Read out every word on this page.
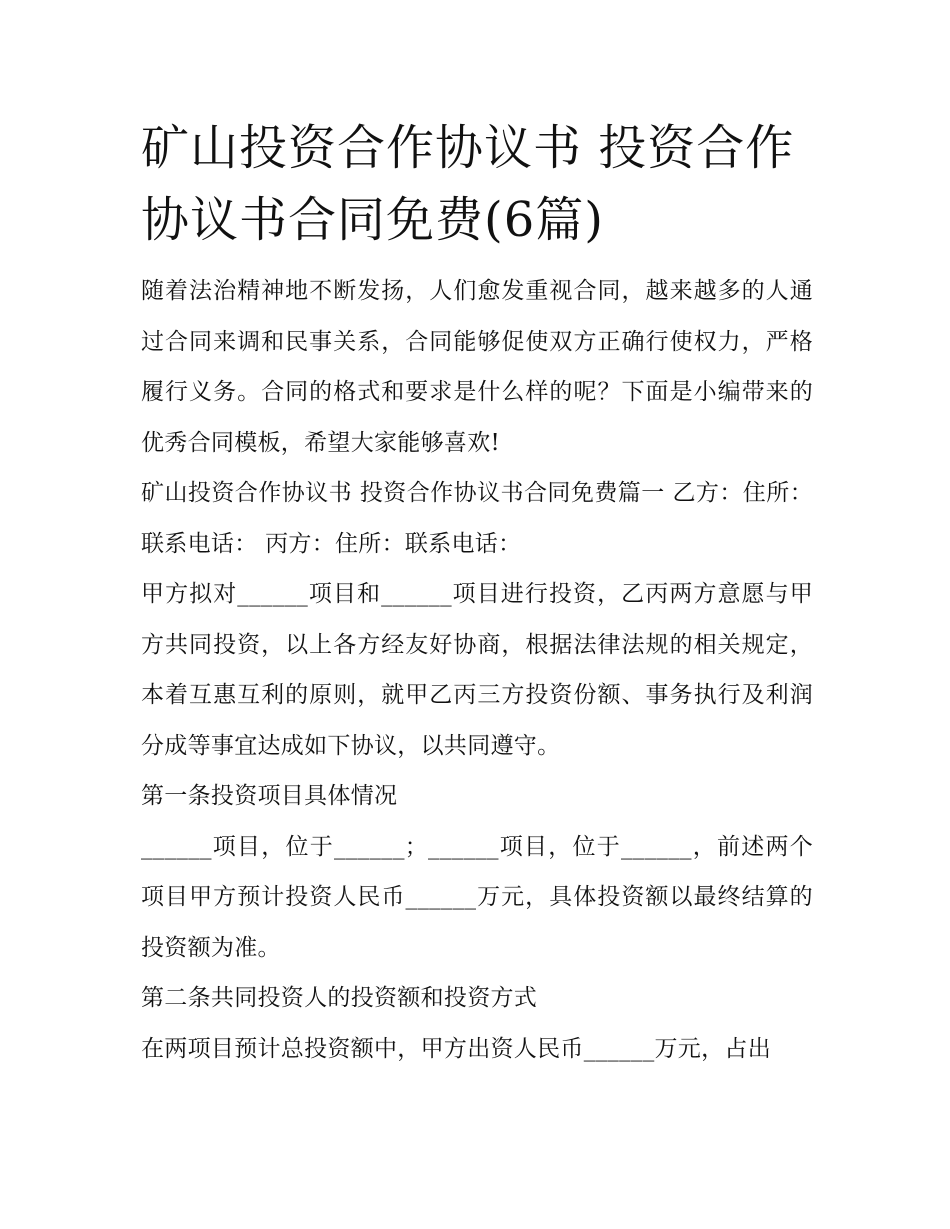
矿山投资合作协议书 投资合作协议书合同免费(6篇)

随着法治精神地不断发扬，人们愈发重视合同，越来越多的人通过合同来调和民事关系，合同能够促使双方正确行使权力，严格履行义务。合同的格式和要求是什么样的呢？下面是小编带来的优秀合同模板，希望大家能够喜欢!

矿山投资合作协议书 投资合作协议书合同免费篇一 乙方：住所：联系电话： 丙方：住所：联系电话：

甲方拟对______项目和______项目进行投资，乙丙两方意愿与甲方共同投资，以上各方经友好协商，根据法律法规的相关规定，本着互惠互利的原则，就甲乙丙三方投资份额、事务执行及利润分成等事宜达成如下协议，以共同遵守。

第一条投资项目具体情况

______项目，位于______；______项目，位于______，前述两个项目甲方预计投资人民币______万元，具体投资额以最终结算的投资额为准。

第二条共同投资人的投资额和投资方式

在两项目预计总投资额中，甲方出资人民币______万元，占出
